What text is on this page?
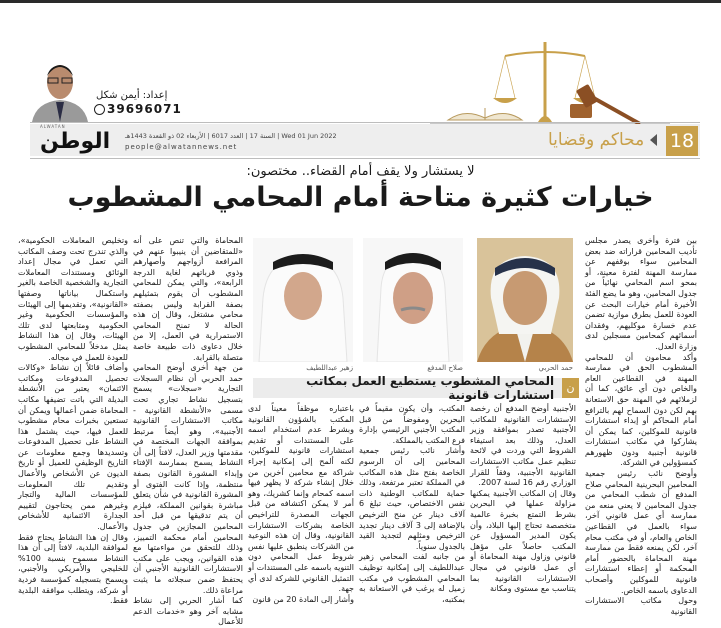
إعداد: أيمن شكل
39696071
18
محاكم وقضايا
ALWATAN
الوطن السنة 17 | العدد 6017 | الأربعاء 02 ذو القعدة 1443هـ | Wed 01 Jun 2022
people@alwatannews.net
لا يستشار ولا يقف أمام القضاء.. مختصون:
خيارات كثيرة متاحة أمام المحامي المشطوب
حمد الحربي
صلاح المدفع
زهير عبداللطيف
ن
المحامي المشطوب يستطيع العمل بمكاتب استشارات قانونية

بين فترة وأخرى يصدر مجلس تأديب المحامين قراراته ضد بعض المحامين سواء بوقفهم عن ممارسة المهنة لفترة معينة، أو بمحو اسم المحامي نهائياً من جدول المحامين، وهو ما يضع الفئة الأخيرة أمام خيارات البحث عن العودة للعمل بطرق موازية تضمن عدم خسارة موكليهم، وفقدان أسمائهم كمحامين مسجلين لدى وزارة العدل.

وأكد محامون أن للمحامي المشطوب الحق في ممارسة المهنة في القطاعين العام والخاص دون أي عائق، كما أن لزملائهم في المهنة حق الاستعانة بهم لكن دون السماح لهم بالترافع أمام المحاكم أو إبداء استشارات قانونية للموكلين، كما يمكن أن يشاركوا في مكاتب استشارات قانونية أجنبية ودون ظهورهم كمسؤولين في الشركة.

وأوضح نائب رئيس جمعية المحامين البحرينية المحامي صلاح المدفع أن شطب المحامي من جدول المحامين لا يعني منعه من ممارسة أي عمل قانوني آخر، سواء بالعمل في القطاعين الخاص والعام، أو في مكتب محام آخر، لكن يمنعه فقط من ممارسة مهنة المحاماة بالحضور أمام المحكمة أو إعطاء استشارات قانونية للموكلين وأصحاب الدعاوى باسمه الخاص.

وحول مكاتب الاستشارات القانونية

الأجنبية أوضح المدفع أن رخصة الاستشارات القانونية للمكاتب الأجنبية تصدر بموافقة وزير العدل، وذلك بعد استيفاء الشروط التي وردت في لائحة تنظيم عمل مكاتب الاستشارات القانونية الأجنبية، وفقاً للقرار الوزاري رقم 16 لسنة 2007.

وقال إن المكاتب الأجنبية يمكنها مزاولة عملها في البحرين بشرط التمتع بخبرة عالمية متخصصة تحتاج إليها البلاد، وأن يكون المدير المسؤول عن المكتب حاصلاً على مؤهل قانوني وزاول مهنة المحاماة أو أي عمل قانوني في مجال الاستشارات القانونية بما يتناسب مع مستوى ومكانة

المكتب، وأن يكون مقيماً في البحرين ومفوضاً من قبل المكتب الأجنبي الرئيسي بإدارة فرع المكتب بالمملكة.

وأشار نائب رئيس جمعية المحامين إلى أن الرسوم الخاصة بفتح مثل هذه المكاتب في المملكة تعتبر مرتفعة، وذلك حماية للمكاتب الوطنية ذات نفس الاختصاص، حيث تبلغ 6 آلاف دينار عن منح الترخيص بالإضافة إلى 3 آلاف دينار تجديد الترخيص ومثلهم لتجديد القيد بالجدول سنوياً.

من جانبه لفت المحامي زهير عبداللطيف إلى إمكانية توظيف المحامي المشطوب في مكتب زميل له يرغب في الاستعانة به بمكتبه،

باعتباره موظفاً معيناً لدى المكتب بالشؤون القانونية وبشرط عدم استخدام اسمه على المستندات أو تقديم استشارات قانونية للموكلين، لكنه ألمح إلى إمكانية إجراء شراكة مع محامين آخرين من خلال إنشاء شركة لا يظهر فيها اسمه كمحام وإنما كشريك، وهو أمر لا يمكن اكتشافه من قبل الجهات المصدرة للتراخيص الخاصة بشركات الاستشارات القانونية، وقال إن هذه النوعية من الشركات ينطبق عليها نفس شروط عمل المحامي دون التنويه باسمه على المستندات أو التمثيل القانوني للشركة لدى أي جهة.

وأشار إلى المادة 20 من قانون

المحاماة والتي تنص على أنه «للمتقاضين أن ينيبوا عنهم في المرافعة أزواجهم وأصهارهم وذوي قرباتهم لغاية الدرجة الرابعة»، والتي يمكن للمحامي المشطوب أن يقوم بتمثيلهم بصفة القرابة وليس بصفته محامي مشتغل، وقال إن هذه الحالة لا تمنح المحامي الاستمرارية في العمل، إلا من خلال دعاوى ذات طبيعة خاصة متصلة بالقرابة.

من جهة أخرى أوضح المحامي حمد الحربي أن نظام السجلات التجارية «سجلات» يسمح بتسجيل نشاط تجاري تحت مسمى «الأنشطة القانونية - مكاتب الاستشارات القانونية الأجنبية»، وهو أيضاً مرتبط بموافقة الجهات المختصة في مقدمتها وزير العدل، لافتاً إلى أن النشاط يسمح بممارسة الإفتاء وإبداء المشورة القانون بصفة منتظمة، وإذا كانت الفتوى أو المشورة القانونية في شأن يتعلق مباشرة بقوانين المملكة، فيلزم أن يتم تدقيقها من قبل أحد المحامين المجازين في جدول المحامين أمام محكمة التمييز، وذلك للتحقق من مواءمتها مع هذه القوانين، ويجب على مكتب الاستشارات القانونية الأجنبي أن يحتفظ ضمن سجلاته ما يثبت مراعاة ذلك.

كما أشار الحربي إلى نشاط مشابه آخر وهو «خدمات الدعم للأعمال

وتخليص المعاملات الحكومية»، والذي تندرج تحت وصف المكاتب التي تعمل في مجال إعداد الوثائق ومستندات المعاملات التجارية والشخصية الخاصة بالغير واستكمال بياناتها وصفتها «القانونية»، وتقديمها إلى الهيئات والمؤسسات الحكومية وغير الحكومية ومتابعتها لدى تلك الهيئات، وقال إن هذا النشاط يمثل مدخلاً للمحامي المشطوب للعودة للعمل في مجاله.

وأضاف قائلاً إن نشاط «وكالات تحصيل المدفوعات ومكاتب الائتمان» يعتبر من الأنشطة البديلة التي باتت تضيفها مكاتب المحاماة ضمن أعمالها ويمكن أن تستعين بخبرات محام مشطوب للعمل فيها، حيث يشتمل هذا النشاط على تحصيل المدفوعات وتسديدها وجمع معلومات عن التاريخ الوظيفي للعميل أو تاريخ الديون عن الأشخاص والأعمال وتقديم تلك المعلومات للمؤسسات المالية والتجار وغيرهم ممن يحتاجون لتقييم الجدارة الائتمانية للأشخاص والأعمال.

وقال إن هذا النشاط يحتاج فقط لموافقة البلدية، لافتاً إلى أن هذا النشاط مسموح بنسبة 100% للخليجي والأمريكي والأجنبي، ويسمح بتسجيله كمؤسسة فردية أو شركة، ويتطلب موافقة البلدية فقط.
